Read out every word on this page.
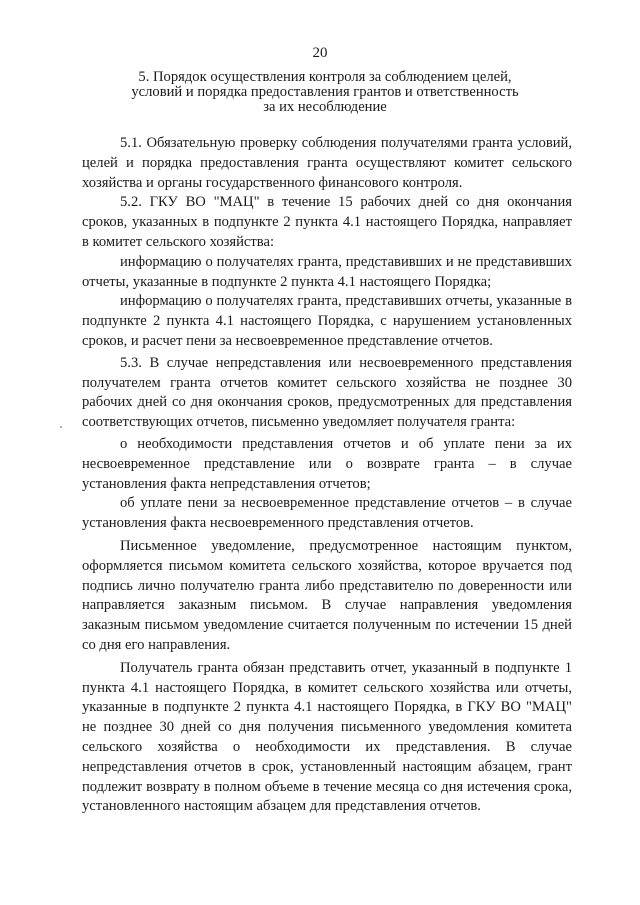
20
5. Порядок осуществления контроля за соблюдением целей,
условий и порядка предоставления грантов и ответственность
за их несоблюдение

5.1. Обязательную проверку соблюдения получателями гранта условий, целей и порядка предоставления гранта осуществляют комитет сельского хозяйства и органы государственного финансового контроля.

5.2. ГКУ ВО "МАЦ" в течение 15 рабочих дней со дня окончания сроков, указанных в подпункте 2 пункта 4.1 настоящего Порядка, направляет в комитет сельского хозяйства:

информацию о получателях гранта, представивших и не представивших отчеты, указанные в подпункте 2 пункта 4.1 настоящего Порядка;

информацию о получателях гранта, представивших отчеты, указанные в подпункте 2 пункта 4.1 настоящего Порядка, с нарушением установленных сроков, и расчет пени за несвоевременное представление отчетов.

5.3. В случае непредставления или несвоевременного представления получателем гранта отчетов комитет сельского хозяйства не позднее 30 рабочих дней со дня окончания сроков, предусмотренных для представления соответствующих отчетов, письменно уведомляет получателя гранта:

о необходимости представления отчетов и об уплате пени за их несвоевременное представление или о возврате гранта – в случае установления факта непредставления отчетов;

об уплате пени за несвоевременное представление отчетов – в случае установления факта несвоевременного представления отчетов.

Письменное уведомление, предусмотренное настоящим пунктом, оформляется письмом комитета сельского хозяйства, которое вручается под подпись лично получателю гранта либо представителю по доверенности или направляется заказным письмом. В случае направления уведомления заказным письмом уведомление считается полученным по истечении 15 дней со дня его направления.

Получатель гранта обязан представить отчет, указанный в подпункте 1 пункта 4.1 настоящего Порядка, в комитет сельского хозяйства или отчеты, указанные в подпункте 2 пункта 4.1 настоящего Порядка, в ГКУ ВО "МАЦ" не позднее 30 дней со дня получения письменного уведомления комитета сельского хозяйства о необходимости их представления. В случае непредставления отчетов в срок, установленный настоящим абзацем, грант подлежит возврату в полном объеме в течение месяца со дня истечения срока, установленного настоящим абзацем для представления отчетов.
